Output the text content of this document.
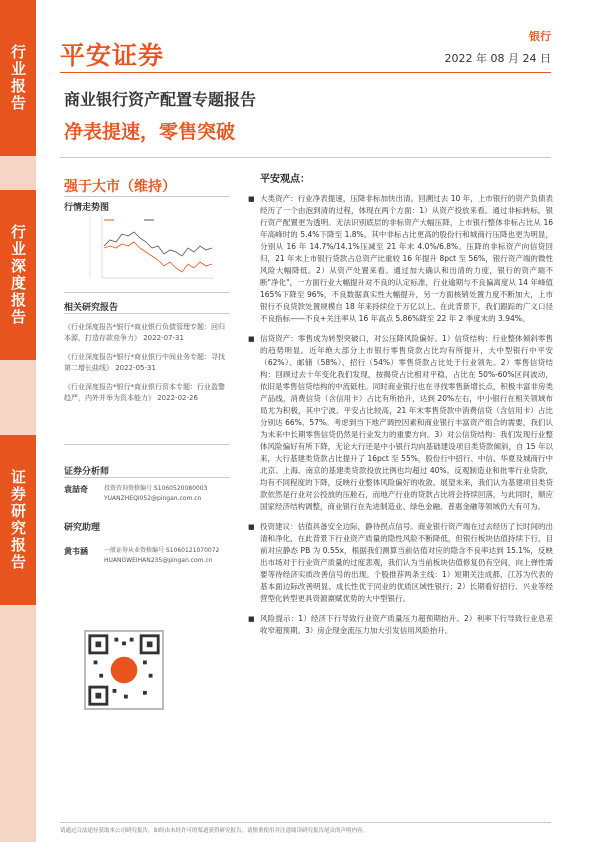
行业报告
行业深度报告
证券研究报告
平安证券
银行
2022 年 08 月 24 日
商业银行资产配置专题报告
净表提速，零售突破
强于大市（维持）
行情走势图
相关研究报告
《行业深度报告*银行*商业银行负债管理专题：回归本源，打造存款竞争力》 2022-07-31
《行业深度报告*银行*商业银行中间业务专题：寻找第二增长曲线》 2022-05-31
《行业深度报告*银行*商业银行资本专题：行业盈警趋严，内外并举为资本能力》 2022-02-26
证券分析师
袁喆奇	投资咨询资格编号 S1060520080003 YUANZHEQI052@pingan.com.cn
研究助理
黄韦涵	一般证券从业资格编号 S1060121070072 HUANGWEIHAN235@pingan.com.cn
平安观点：
■ 大类资产：行业净表提速，压降非标加快出清。回溯过去 10 年，上市银行的资产负债表经历了一个由泡到清的过程，体现在两个方面：1）从资产投放来看。通过非标转标，银行资产配置更为透明。无法识别底层的非标资产大幅压降，上市银行整体非标占比从 16 年高峰时的 5.4%下降至 1.8%。其中非标占比更高的股份行和城商行压降也更为明显，分别从 16 年 14.7%/14.1%压减至 21 年末 4.0%/6.8%。压降的非标资产向信贷回归，21 年末上市银行贷款占总资产比重较 16 年提升 8pct 至 56%，银行资产端的微性风险大幅降低。2）从资产处置来看。通过加大确认和出清的力度，银行的资产端不断"净化"，一方面行业大幅提升对不良的认定标准，行业逾期与不良偏离度从 14 年峰值 165%下降至 96%，不良数据真实性大幅提升，另一方面核销处置力度不断加大，上市银行不良贷款处置规模自 18 年来持续位于万亿以上。在此背景下，我们跟踪的广义口径不良指标——不良+关注率从 16 年高点 5.86%降至 22 年 2 季度末的 3.94%。
■ 信贷资产：零售成为转型突破口，对公压降风险偏好。1）信贷结构：行业整体倾斜零售的趋势明显。近年绝大部分上市银行零售贷款占比均有所提升，大中型银行中平安（62%）、邮储（58%）、招行（54%）零售贷款占比处于行业领先。2）零售信贷结构：回顾过去十年变化我们发现，按揭贷占比相对平稳，占比在 50%-60%区间波动，依旧是零售信贷结构的中流砥柱。同时商业银行也在寻找零售新增长点，积极丰富非房类产品线，消费信贷（含信用卡）占比有所抬升，达到 20%左右，中小银行在相关领域布局尤为积极，其中宁波、平安占比较高，21 年末零售贷款中消费信贷（含信用卡）占比分别达 66%、57%。考虑到当下地产调控因素和商业银行丰富资产组合的需要，我们认为未来中长期零售信贷仍然是行业发力的重要方向。3）对公信贷结构：我们发现行业整体风险偏好有所下降，无论大行还是中小银行均向基础建设项目类贷款倾斜，自 15 年以来，大行基建类贷款占比提升了 16pct 至 55%，股份行中招行、中信、华夏及城商行中北京、上海、南京的基建类贷款投放比例也均超过 40%。反观制造业和批零行业贷款，均有不同程度的下降，反映行业整体风险偏好的收敛。展望未来，我们认为基建项目类贷款依然是行业对公投放的压舱石，而地产行业的贷款占比将会持续回落，与此同时，顺应国家经济结构调整，商业银行在先进制造业、绿色金融、普惠金融等领域仍大有可为。
■ 投资建议：估值具备安全边际，静待拐点信号。商业银行资产端在过去经历了长时间的出清和净化，在此背景下行业资产质量的隐性风险不断降低，但银行板块估值持续下行，目前对应静态 PB 为 0.55x，根据我们测算当前估值对应的隐含不良率达到 15.1%，反映出市场对于行业资产质量的过度悲观，我们认为当前板块估值修复仍有空间，向上弹性需要等待经济实质改善信号的出现。个股推荐两条主线：1）短期关注成都、江苏为代表的基本面边际改善明显、成长性优于同业的优质区域性银行；2）长期看好招行、兴业等经营型化转型更具资源禀赋优势的大中型银行。
■ 风险提示：1）经济下行导致行业资产质量压力超预期抬升。2）利率下行导致行业息差收窄超预期。3）房企现金流压力加大引发信用风险抬升。
请通过合法途径获取本公司研究报告，如经由未经许可的渠道获得研究报告，请慎重使用并注意阅读研究报告尾页的声明内容。
